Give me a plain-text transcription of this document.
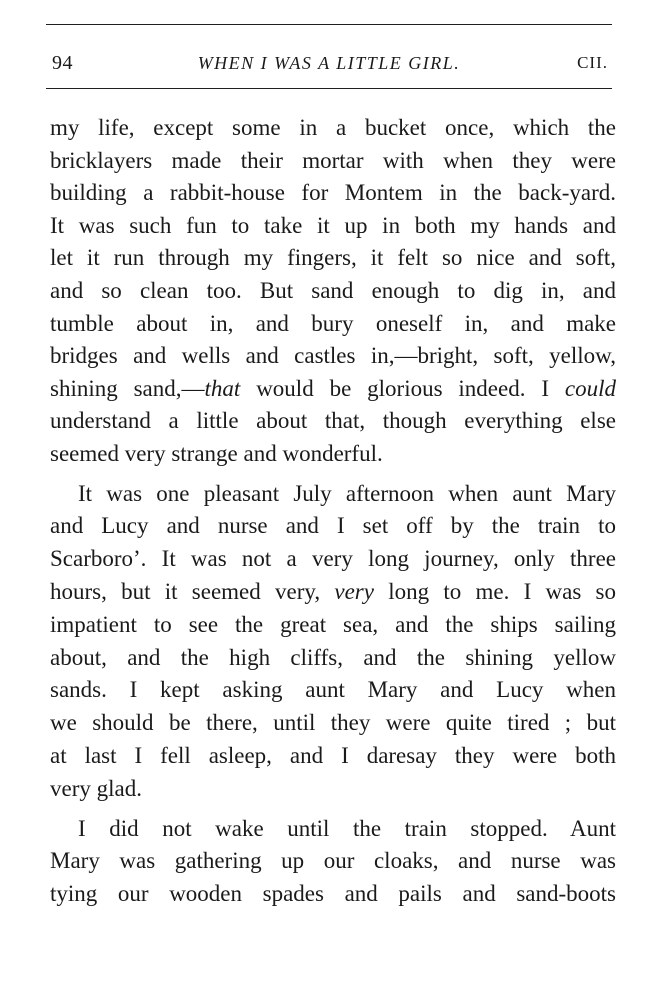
94	WHEN I WAS A LITTLE GIRL.	CII.
my life, except some in a bucket once, which the
bricklayers made their mortar with when they were
building a rabbit-house for Montem in the back-yard.
It was such fun to take it up in both my hands and
let it run through my fingers, it felt so nice and soft,
and so clean too. But sand enough to dig in, and
tumble about in, and bury oneself in, and make
bridges and wells and castles in,—bright, soft, yellow,
shining sand,—that would be glorious indeed. I could
understand a little about that, though everything else
seemed very strange and wonderful.
It was one pleasant July afternoon when aunt Mary
and Lucy and nurse and I set off by the train to
Scarboro’. It was not a very long journey, only three
hours, but it seemed very, very long to me. I was so
impatient to see the great sea, and the ships sailing
about, and the high cliffs, and the shining yellow
sands. I kept asking aunt Mary and Lucy when
we should be there, until they were quite tired ; but
at last I fell asleep, and I daresay they were both
very glad.
I did not wake until the train stopped. Aunt
Mary was gathering up our cloaks, and nurse was
tying our wooden spades and pails and sand-boots
